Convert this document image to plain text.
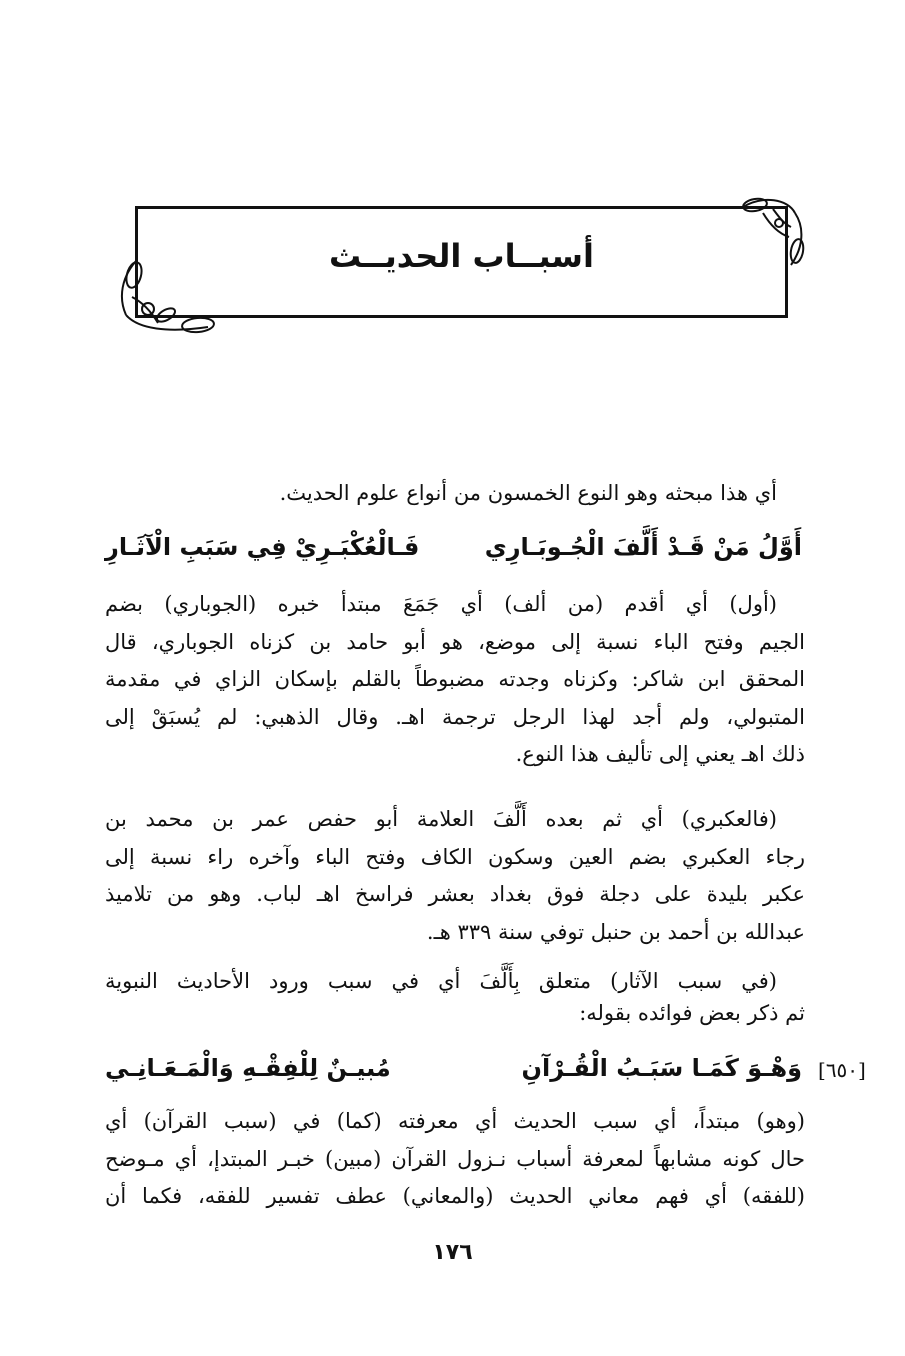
أسبــاب الحديــث
أي هذا مبحثه وهو النوع الخمسون من أنواع علوم الحديث.
أَوَّلُ مَنْ قَـدْ أَلَّفَ الْجُـوبَـارِي
فَـالْعُكْبَـرِيْ فِي سَبَبِ الْآثَـارِ
(أول) أي أقدم (من ألف) أي جَمَعَ مبتدأ خبره (الجوباري) بضم
الجيم وفتح الباء نسبة إلى موضع، هو أبو حامد بن كزناه الجوباري، قال
المحقق ابن شاكر: وكزناه وجدته مضبوطاً بالقلم بإسكان الزاي في مقدمة
المتبولي، ولم أجد لهذا الرجل ترجمة اهـ. وقال الذهبي: لم يُسبَقْ إلى
ذلك اهـ يعني إلى تأليف هذا النوع.
(فالعكبري) أي ثم بعده أَلَّفَ العلامة أبو حفص عمر بن محمد بن
رجاء العكبري بضم العين وسكون الكاف وفتح الباء وآخره راء نسبة إلى
عكبر بليدة على دجلة فوق بغداد بعشر فراسخ اهـ لباب. وهو من تلاميذ
عبدالله بن أحمد بن حنبل توفي سنة ٣٣٩ هـ.
(في سبب الآثار) متعلق بِأَلَّفَ أي في سبب ورود الأحاديث النبوية
ثم ذكر بعض فوائده بقوله:
[٦٥٠]
وَهْـوَ كَمَـا سَبَـبُ الْقُـرْآنِ
مُبيـنٌ لِلْفِقْـهِ وَالْمَـعَـانِـي
(وهو) مبتداً، أي سبب الحديث أي معرفته (كما) في (سبب القرآن) أي
حال كونه مشابهاً لمعرفة أسباب نـزول القرآن (مبين) خبـر المبتدإ، أي مـوضح
(للفقه) أي فهم معاني الحديث (والمعاني) عطف تفسير للفقه، فكما أن
١٧٦
